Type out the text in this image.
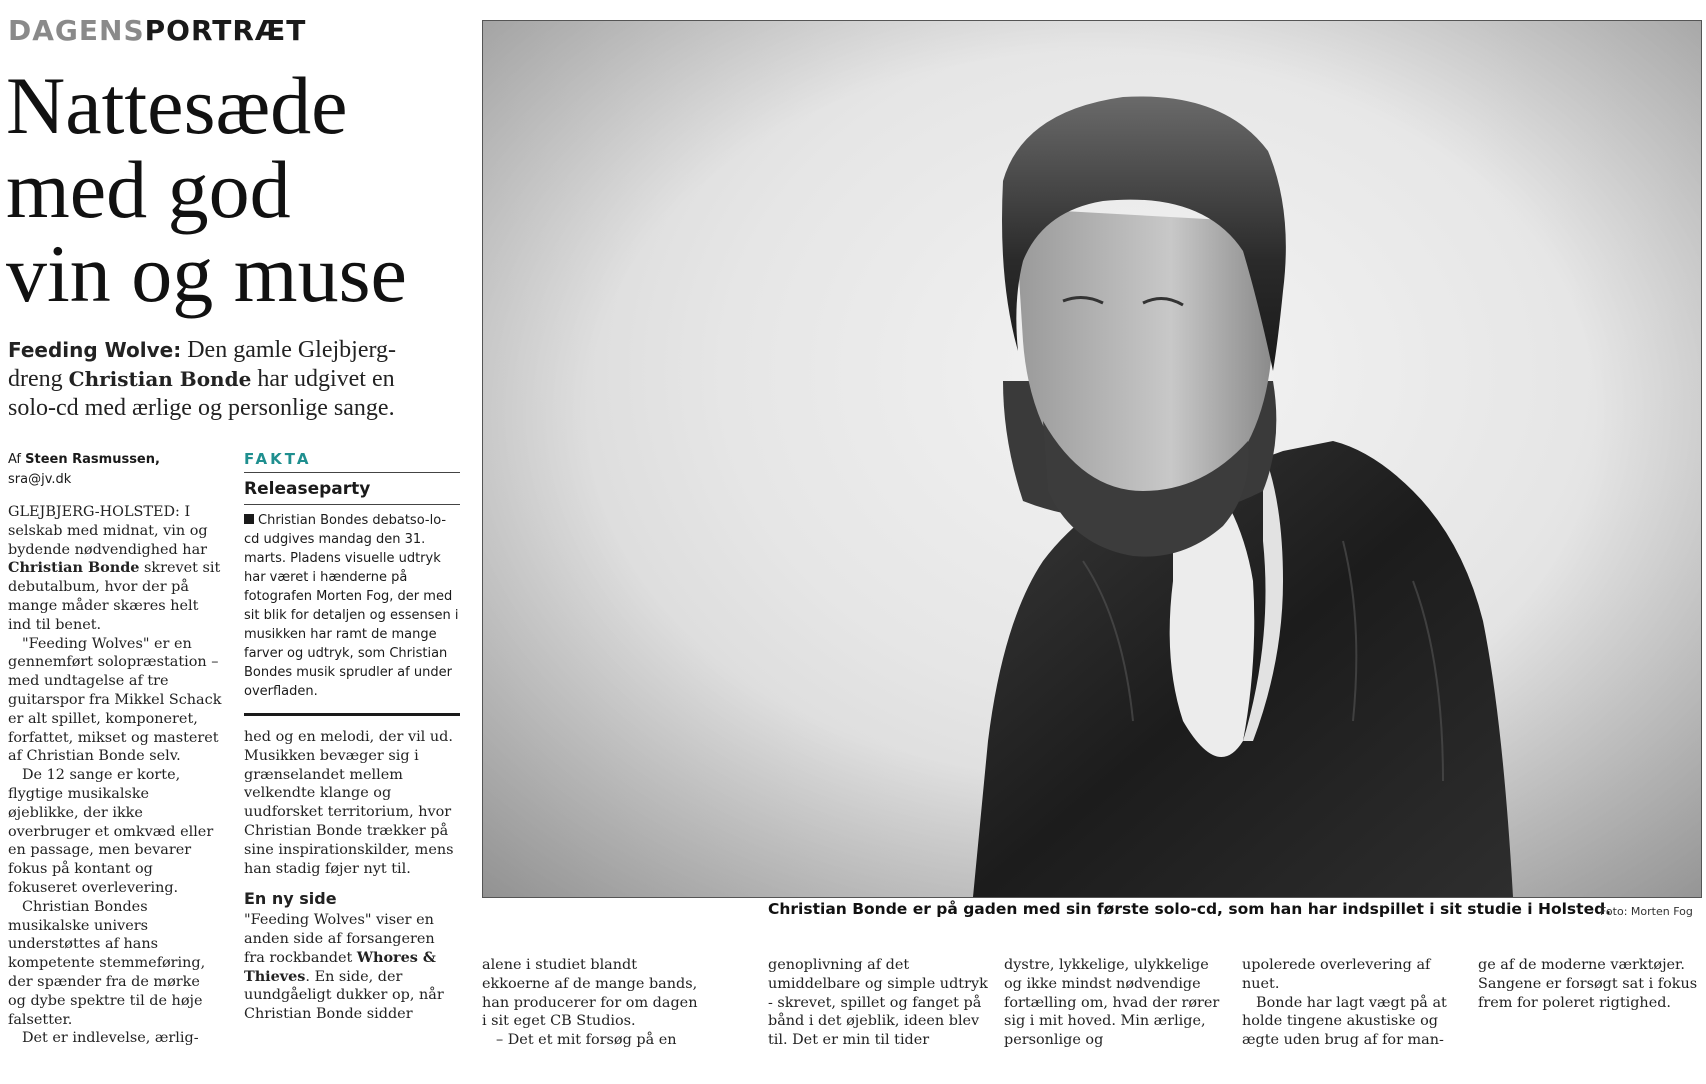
DAGENSPORTRÆT
Nattesæde
med god
vin og muse
Feeding Wolve: Den gamle Glejbjerg-dreng Christian Bonde har udgivet en solo-cd med ærlige og personlige sange.
Af Steen Rasmussen,
sra@jv.dk

GLEJBJERG-HOLSTED: I selskab med midnat, vin og bydende nødvendighed har Christian Bonde skrevet sit debutalbum, hvor der på mange måder skæres helt ind til benet.

"Feeding Wolves" er en gennemført solopræstation – med undtagelse af tre guitarspor fra Mikkel Schack er alt spillet, komponeret, forfattet, mikset og masteret af Christian Bonde selv.

De 12 sange er korte, flygtige musikalske øjeblikke, der ikke overbruger et omkvæd eller en passage, men bevarer fokus på kontant og fokuseret overlevering.

Christian Bondes musikalske univers understøttes af hans kompetente stemmeføring, der spænder fra de mørke og dybe spektre til de høje falsetter.

Det er indlevelse, ærlig-

FAKTA
Releaseparty
Christian Bondes debatso-lo-cd udgives mandag den 31. marts. Pladens visuelle udtryk har været i hænderne på fotografen Morten Fog, der med sit blik for detaljen og essensen i musikken har ramt de mange farver og udtryk, som Christian Bondes musik sprudler af under overfladen.

hed og en melodi, der vil ud. Musikken bevæger sig i grænselandet mellem velkendte klange og uudforsket territorium, hvor Christian Bonde trækker på sine inspirationskilder, mens han stadig føjer nyt til.

En ny side

"Feeding Wolves" viser en anden side af forsangeren fra rockbandet Whores & Thieves. En side, der uundgåeligt dukker op, når Christian Bonde sidder

Christian Bonde er på gaden med sin første solo-cd, som han har indspillet i sit studie i Holsted.
Foto: Morten Fog

alene i studiet blandt ekkoerne af de mange bands, han producerer for om dagen i sit eget CB Studios.

– Det et mit forsøg på en

genoplivning af det umiddelbare og simple udtryk - skrevet, spillet og fanget på bånd i det øjeblik, ideen blev til. Det er min til tider

dystre, lykkelige, ulykkelige og ikke mindst nødvendige fortælling om, hvad der rører sig i mit hoved. Min ærlige, personlige og

upolerede overlevering af nuet.

Bonde har lagt vægt på at holde tingene akustiske og ægte uden brug af for man-

ge af de moderne værktøjer. Sangene er forsøgt sat i fokus frem for poleret rigtighed.
